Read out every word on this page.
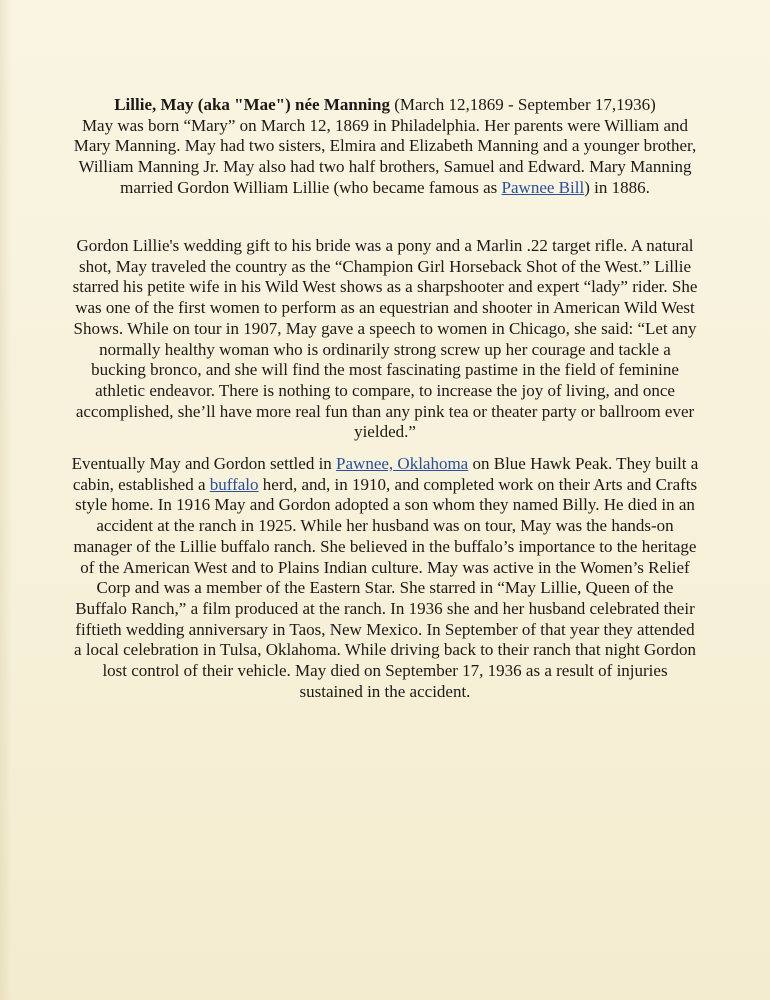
Lillie, May (aka "Mae") née Manning (March 12,1869 - September 17,1936)
May was born “Mary” on March 12, 1869 in Philadelphia. Her parents were William and Mary Manning. May had two sisters, Elmira and Elizabeth Manning and a younger brother, William Manning Jr. May also had two half brothers, Samuel and Edward. Mary Manning married Gordon William Lillie (who became famous as Pawnee Bill) in 1886.

Gordon Lillie's wedding gift to his bride was a pony and a Marlin .22 target rifle. A natural shot, May traveled the country as the “Champion Girl Horseback Shot of the West.” Lillie starred his petite wife in his Wild West shows as a sharpshooter and expert “lady” rider. She was one of the first women to perform as an equestrian and shooter in American Wild West Shows. While on tour in 1907, May gave a speech to women in Chicago, she said: “Let any normally healthy woman who is ordinarily strong screw up her courage and tackle a bucking bronco, and she will find the most fascinating pastime in the field of feminine athletic endeavor. There is nothing to compare, to increase the joy of living, and once accomplished, she’ll have more real fun than any pink tea or theater party or ballroom ever yielded.”

Eventually May and Gordon settled in Pawnee, Oklahoma on Blue Hawk Peak. They built a cabin, established a buffalo herd, and, in 1910, and completed work on their Arts and Crafts style home. In 1916 May and Gordon adopted a son whom they named Billy. He died in an accident at the ranch in 1925. While her husband was on tour, May was the hands-on manager of the Lillie buffalo ranch. She believed in the buffalo’s importance to the heritage of the American West and to Plains Indian culture. May was active in the Women’s Relief Corp and was a member of the Eastern Star. She starred in “May Lillie, Queen of the Buffalo Ranch,” a film produced at the ranch. In 1936 she and her husband celebrated their fiftieth wedding anniversary in Taos, New Mexico. In September of that year they attended a local celebration in Tulsa, Oklahoma. While driving back to their ranch that night Gordon lost control of their vehicle. May died on September 17, 1936 as a result of injuries sustained in the accident.
